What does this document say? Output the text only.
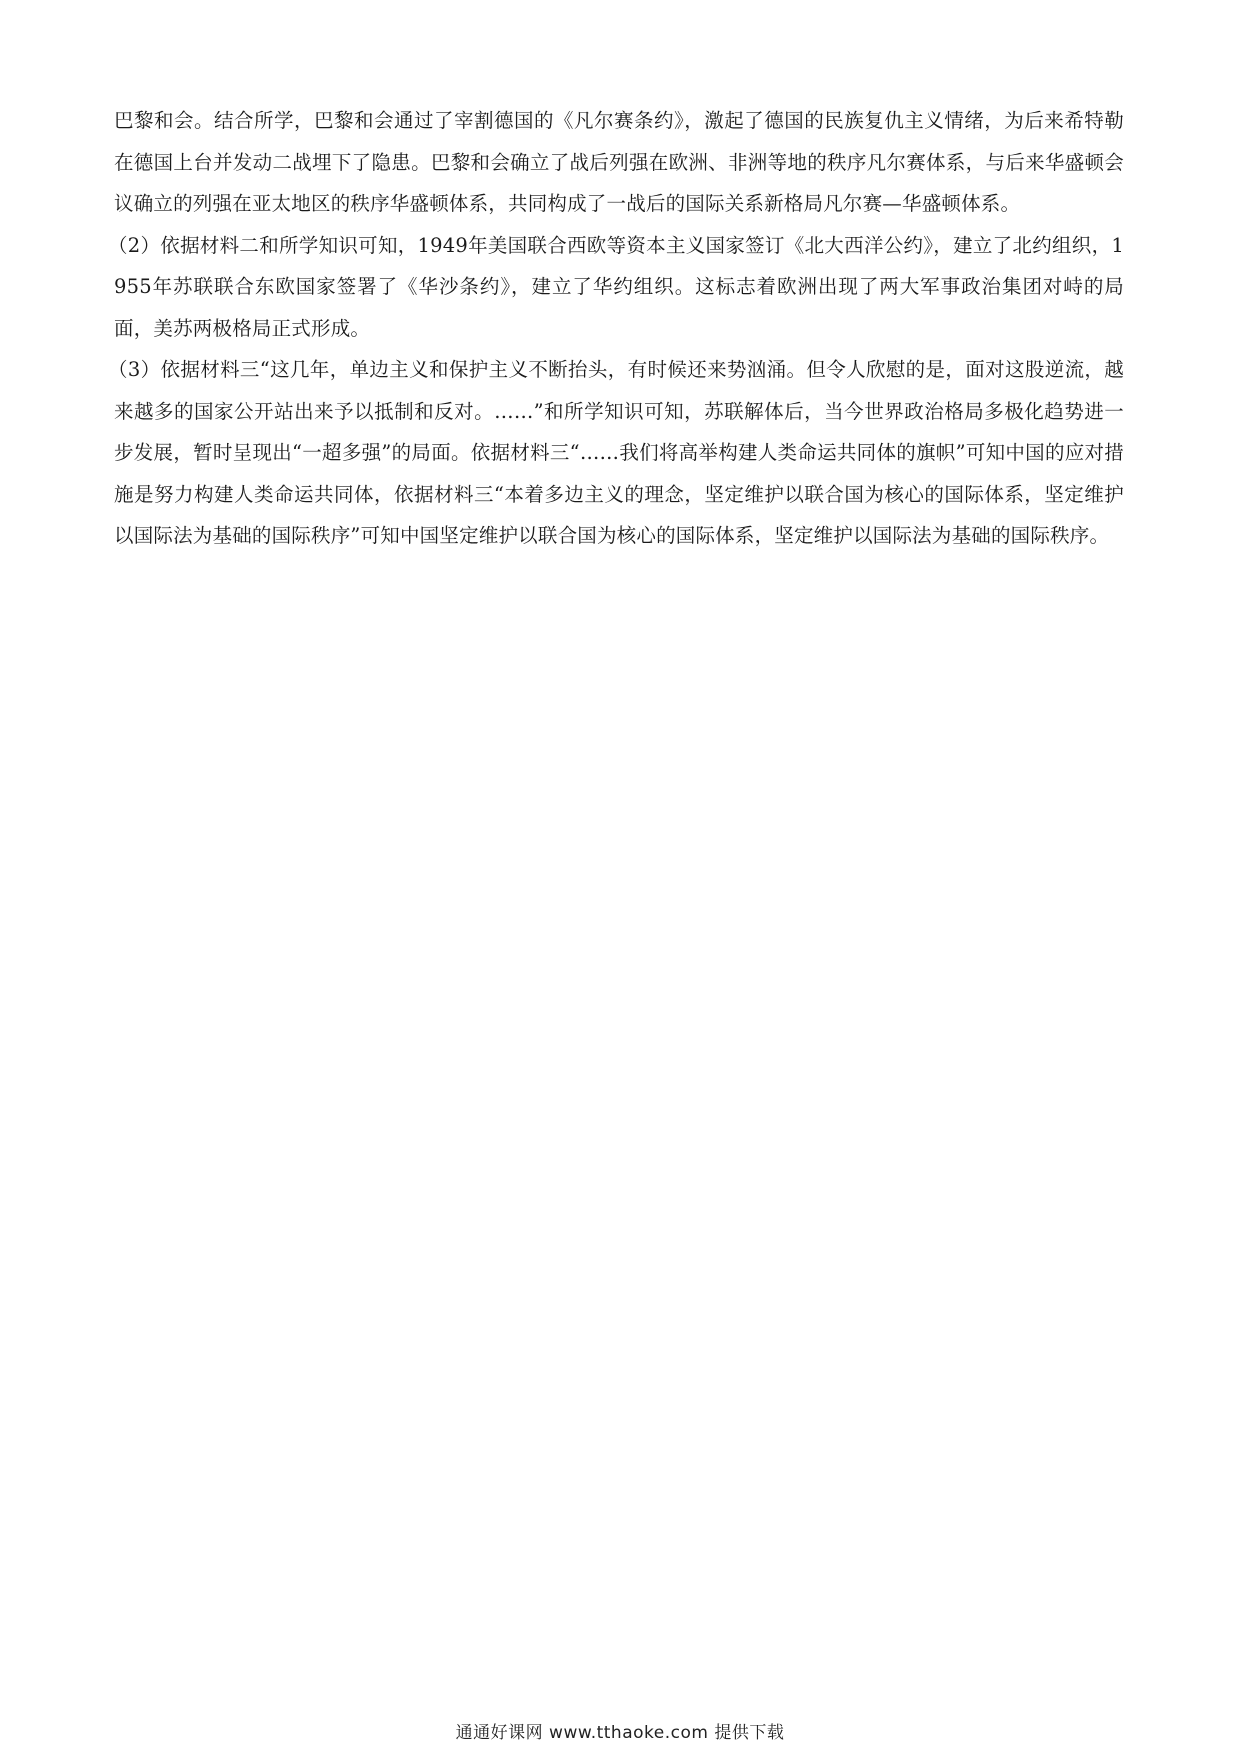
巴黎和会。结合所学，巴黎和会通过了宰割德国的《凡尔赛条约》，激起了德国的民族复仇主义情绪，为后来希特勒在德国上台并发动二战埋下了隐患。巴黎和会确立了战后列强在欧洲、非洲等地的秩序凡尔赛体系，与后来华盛顿会议确立的列强在亚太地区的秩序华盛顿体系，共同构成了一战后的国际关系新格局凡尔赛—华盛顿体系。

（2）依据材料二和所学知识可知，1949年美国联合西欧等资本主义国家签订《北大西洋公约》，建立了北约组织，1955年苏联联合东欧国家签署了《华沙条约》，建立了华约组织。这标志着欧洲出现了两大军事政治集团对峙的局面，美苏两极格局正式形成。

（3）依据材料三“这几年，单边主义和保护主义不断抬头，有时候还来势汹涌。但令人欣慰的是，面对这股逆流，越来越多的国家公开站出来予以抵制和反对。……”和所学知识可知，苏联解体后，当今世界政治格局多极化趋势进一步发展，暂时呈现出“一超多强”的局面。依据材料三“……我们将高举构建人类命运共同体的旗帜”可知中国的应对措施是努力构建人类命运共同体，依据材料三“本着多边主义的理念，坚定维护以联合国为核心的国际体系，坚定维护以国际法为基础的国际秩序”可知中国坚定维护以联合国为核心的国际体系，坚定维护以国际法为基础的国际秩序。

通通好课网 www.tthaoke.com 提供下载
